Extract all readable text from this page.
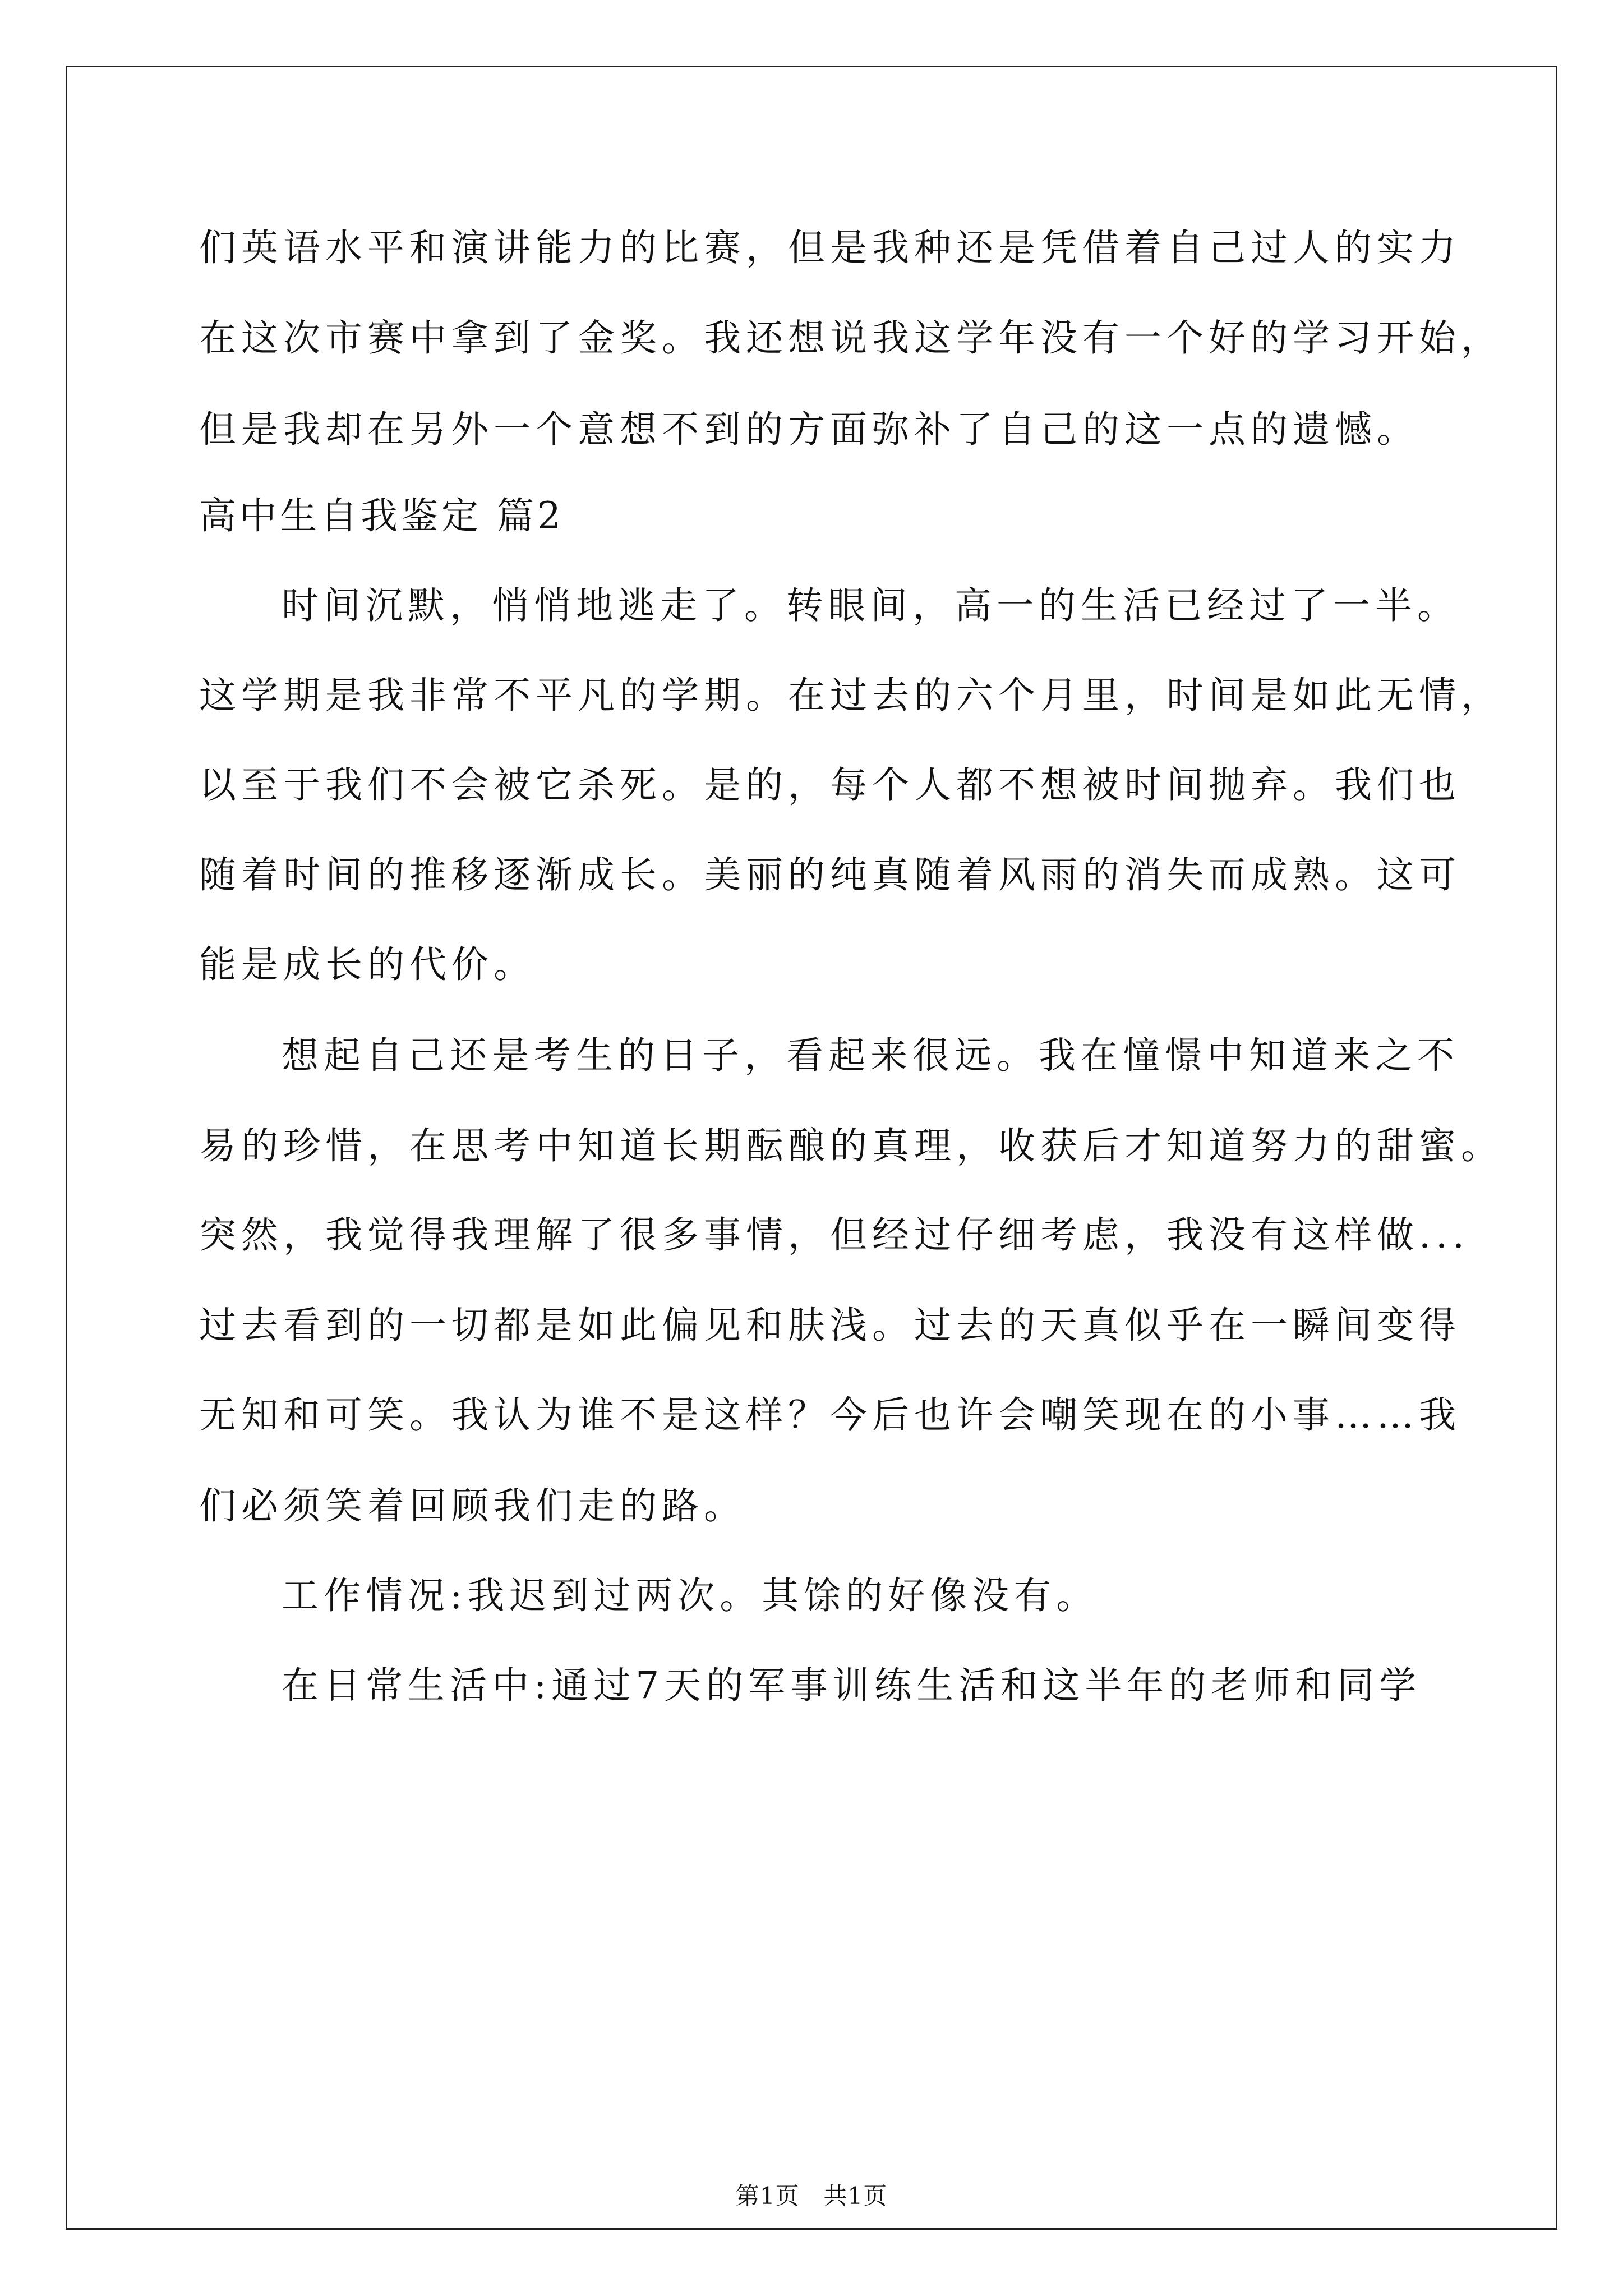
们英语水平和演讲能力的比赛，但是我种还是凭借着自己过人的实力
在这次市赛中拿到了金奖。我还想说我这学年没有一个好的学习开始，
但是我却在另外一个意想不到的方面弥补了自己的这一点的遗憾。
高中生自我鉴定 篇2
时间沉默，悄悄地逃走了。转眼间，高一的生活已经过了一半。
这学期是我非常不平凡的学期。在过去的六个月里，时间是如此无情，
以至于我们不会被它杀死。是的，每个人都不想被时间抛弃。我们也
随着时间的推移逐渐成长。美丽的纯真随着风雨的消失而成熟。这可
能是成长的代价。
想起自己还是考生的日子，看起来很远。我在憧憬中知道来之不
易的珍惜，在思考中知道长期酝酿的真理，收获后才知道努力的甜蜜。
突然，我觉得我理解了很多事情，但经过仔细考虑，我没有这样做...
过去看到的一切都是如此偏见和肤浅。过去的天真似乎在一瞬间变得
无知和可笑。我认为谁不是这样？今后也许会嘲笑现在的小事……我
们必须笑着回顾我们走的路。
工作情况:我迟到过两次。其馀的好像没有。
在日常生活中:通过7天的军事训练生活和这半年的老师和同学
第1页   共1页
